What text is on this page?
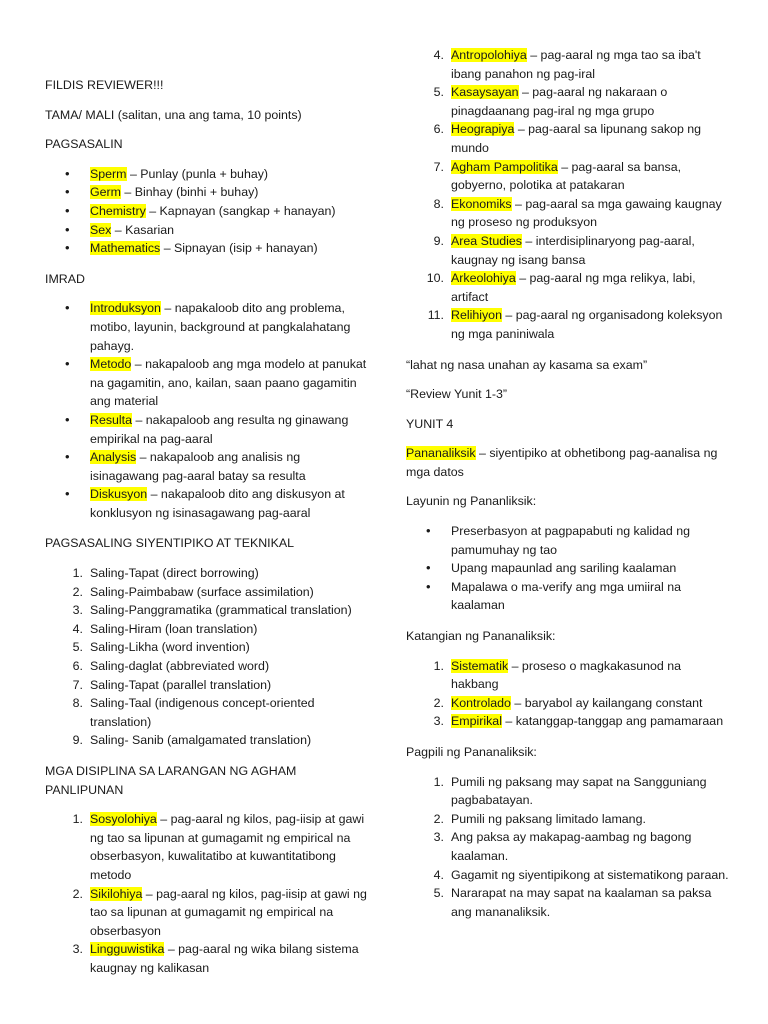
FILDIS REVIEWER!!!

TAMA/ MALI (salitan, una ang tama, 10 points)

PAGSASALIN

• Sperm – Punlay (punla + buhay)
• Germ – Binhay (binhi + buhay)
• Chemistry – Kapnayan (sangkap + hanayan)
• Sex – Kasarian
• Mathematics – Sipnayan (isip + hanayan)

IMRAD

• Introduksyon – napakaloob dito ang problema, motibo, layunin, background at pangkalahatang pahayg.
• Metodo – nakapaloob ang mga modelo at panukat na gagamitin, ano, kailan, saan paano gagamitin ang material
• Resulta – nakapaloob ang resulta ng ginawang empirikal na pag-aaral
• Analysis – nakapaloob ang analisis ng isinagawang pag-aaral batay sa resulta
• Diskusyon – nakapaloob dito ang diskusyon at konklusyon ng isinasagawang pag-aaral

PAGSASALING SIYENTIPIKO AT TEKNIKAL

1. Saling-Tapat (direct borrowing)
2. Saling-Paimbabaw (surface assimilation)
3. Saling-Panggramatika (grammatical translation)
4. Saling-Hiram (loan translation)
5. Saling-Likha (word invention)
6. Saling-daglat (abbreviated word)
7. Saling-Tapat (parallel translation)
8. Saling-Taal (indigenous concept-oriented translation)
9. Saling- Sanib (amalgamated translation)

MGA DISIPLINA SA LARANGAN NG AGHAM PANLIPUNAN

1. Sosyolohiya – pag-aaral ng kilos, pag-iisip at gawi ng tao sa lipunan at gumagamit ng empirical na obserbasyon, kuwalitatibo at kuwantitatibong metodo
2. Sikilohiya – pag-aaral ng kilos, pag-iisip at gawi ng tao sa lipunan at gumagamit ng empirical na obserbasyon
3. Lingguwistika – pag-aaral ng wika bilang sistema kaugnay ng kalikasan
4. Antropolohiya – pag-aaral ng mga tao sa iba't ibang panahon ng pag-iral
5. Kasaysayan – pag-aaral ng nakaraan o pinagdaanang pag-iral ng mga grupo
6. Heograpiya – pag-aaral sa lipunang sakop ng mundo
7. Agham Pampolitika – pag-aaral sa bansa, gobyerno, polotika at patakaran
8. Ekonomiks – pag-aaral sa mga gawaing kaugnay ng proseso ng produksyon
9. Area Studies – interdisiplinaryong pag-aaral, kaugnay ng isang bansa
10. Arkeolohiya – pag-aaral ng mga relikya, labi, artifact
11. Relihiyon – pag-aaral ng organisadong koleksyon ng mga paniniwala

“lahat ng nasa unahan ay kasama sa exam”

“Review Yunit 1-3”

YUNIT 4

Pananaliksik – siyentipiko at obhetibong pag-aanalisa ng mga datos

Layunin ng Pananliksik:

• Preserbasyon at pagpapabuti ng kalidad ng pamumuhay ng tao
• Upang mapaunlad ang sariling kaalaman
• Mapalawa o ma-verify ang mga umiiral na kaalaman

Katangian ng Pananaliksik:

1. Sistematik – proseso o magkakasunod na hakbang
2. Kontrolado – baryabol ay kailangang constant
3. Empirikal – katanggap-tanggap ang pamamaraan

Pagpili ng Pananaliksik:

1. Pumili ng paksang may sapat na Sangguniang pagbabatayan.
2. Pumili ng paksang limitado lamang.
3. Ang paksa ay makapag-aambag ng bagong kaalaman.
4. Gagamit ng siyentipikong at sistematikong paraan.
5. Nararapat na may sapat na kaalaman sa paksa ang mananaliksik.
